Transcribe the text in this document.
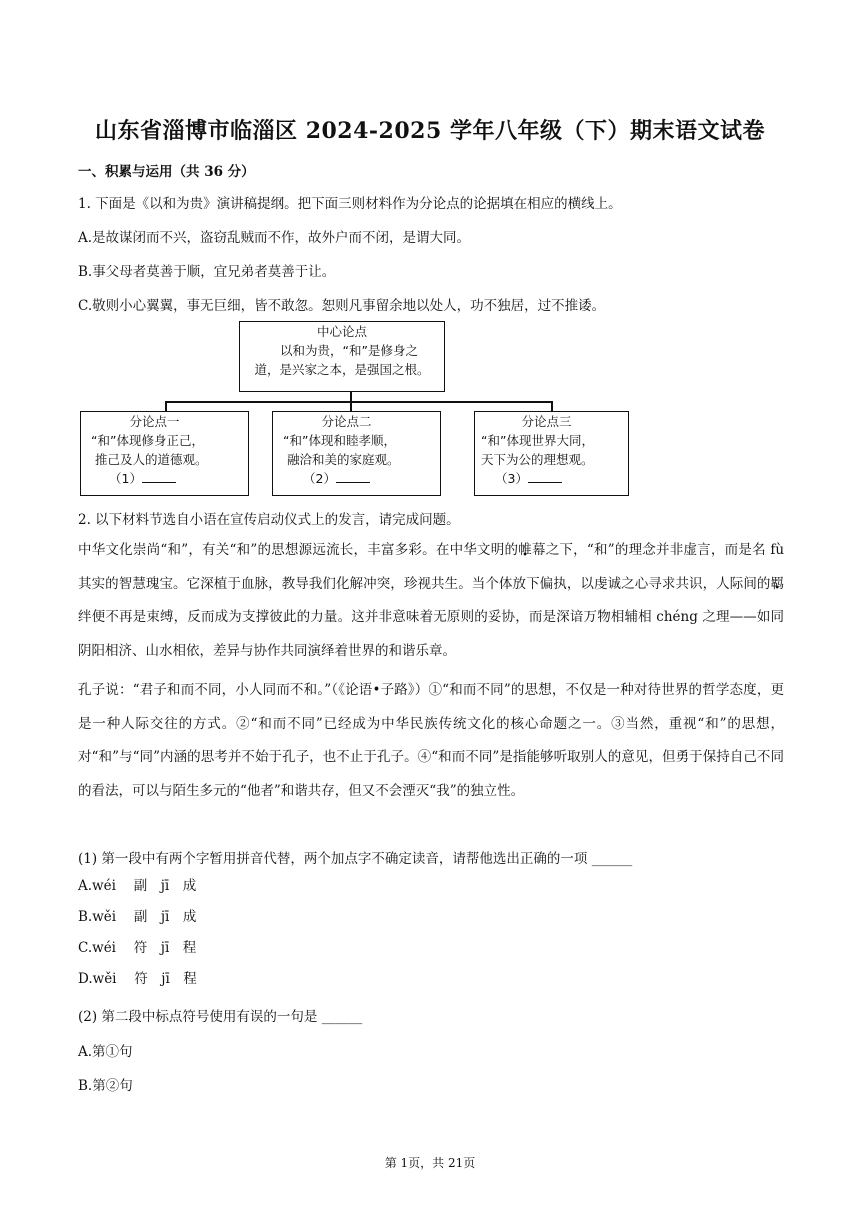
山东省淄博市临淄区 2024-2025 学年八年级（下）期末语文试卷
一、积累与运用（共 36 分）
1. 下面是《以和为贵》演讲稿提纲。把下面三则材料作为分论点的论据填在相应的横线上。
A.是故谋闭而不兴，盗窃乱贼而不作，故外户而不闭，是谓大同。
B.事父母者莫善于顺，宜兄弟者莫善于让。
C.敬则小心翼翼，事无巨细，皆不敢忽。恕则凡事留余地以处人，功不独居，过不推诿。
中心论点
以和为贵，“和”是修身之
道，是兴家之本，是强国之根。
分论点一
“和”体现修身正己，
推己及人的道德观。
（1）
分论点二
“和”体现和睦孝顺，
融洽和美的家庭观。
（2）
分论点三
“和”体现世界大同，
天下为公的理想观。
（3）
2. 以下材料节选自小语在宣传启动仪式上的发言，请完成问题。
中华文化崇尚“和”，有关“和”的思想源远流长，丰富多彩。在中华文明的帷幕之下，“和”的理念并非虚言，而是名 fù其实的智慧瑰宝。它深植于血脉，教导我们化解冲突，珍视共生。当个体放下偏执，以虔诚之心寻求共识，人际间的羁绊便不再是束缚，反而成为支撑彼此的力量。这并非意味着无原则的妥协，而是深谙万物相辅相 chéng 之理——如同阴阳相济、山水相依，差异与协作共同演绎着世界的和谐乐章。
孔子说：“君子和而不同，小人同而不和。”（《论语•子路》）①“和而不同”的思想，不仅是一种对待世界的哲学态度，更是一种人际交往的方式。②“和而不同”已经成为中华民族传统文化的核心命题之一。③当然，重视“和”的思想，对“和”与“同”内涵的思考并不始于孔子，也不止于孔子。④“和而不同”是指能够听取别人的意见，但勇于保持自己不同的看法，可以与陌生多元的“他者”和谐共存，但又不会湮灭“我”的独立性。
(1) 第一段中有两个字暂用拼音代替，两个加点字不确定读音，请帮他选出正确的一项 ______
A.wéi　 副　jī　成
B.wěi　 副　jī　成
C.wéi　 符　jī　程
D.wěi　 符　jī　程
(2) 第二段中标点符号使用有误的一句是 ______
A.第①句
B.第②句
第 1页，共 21页
